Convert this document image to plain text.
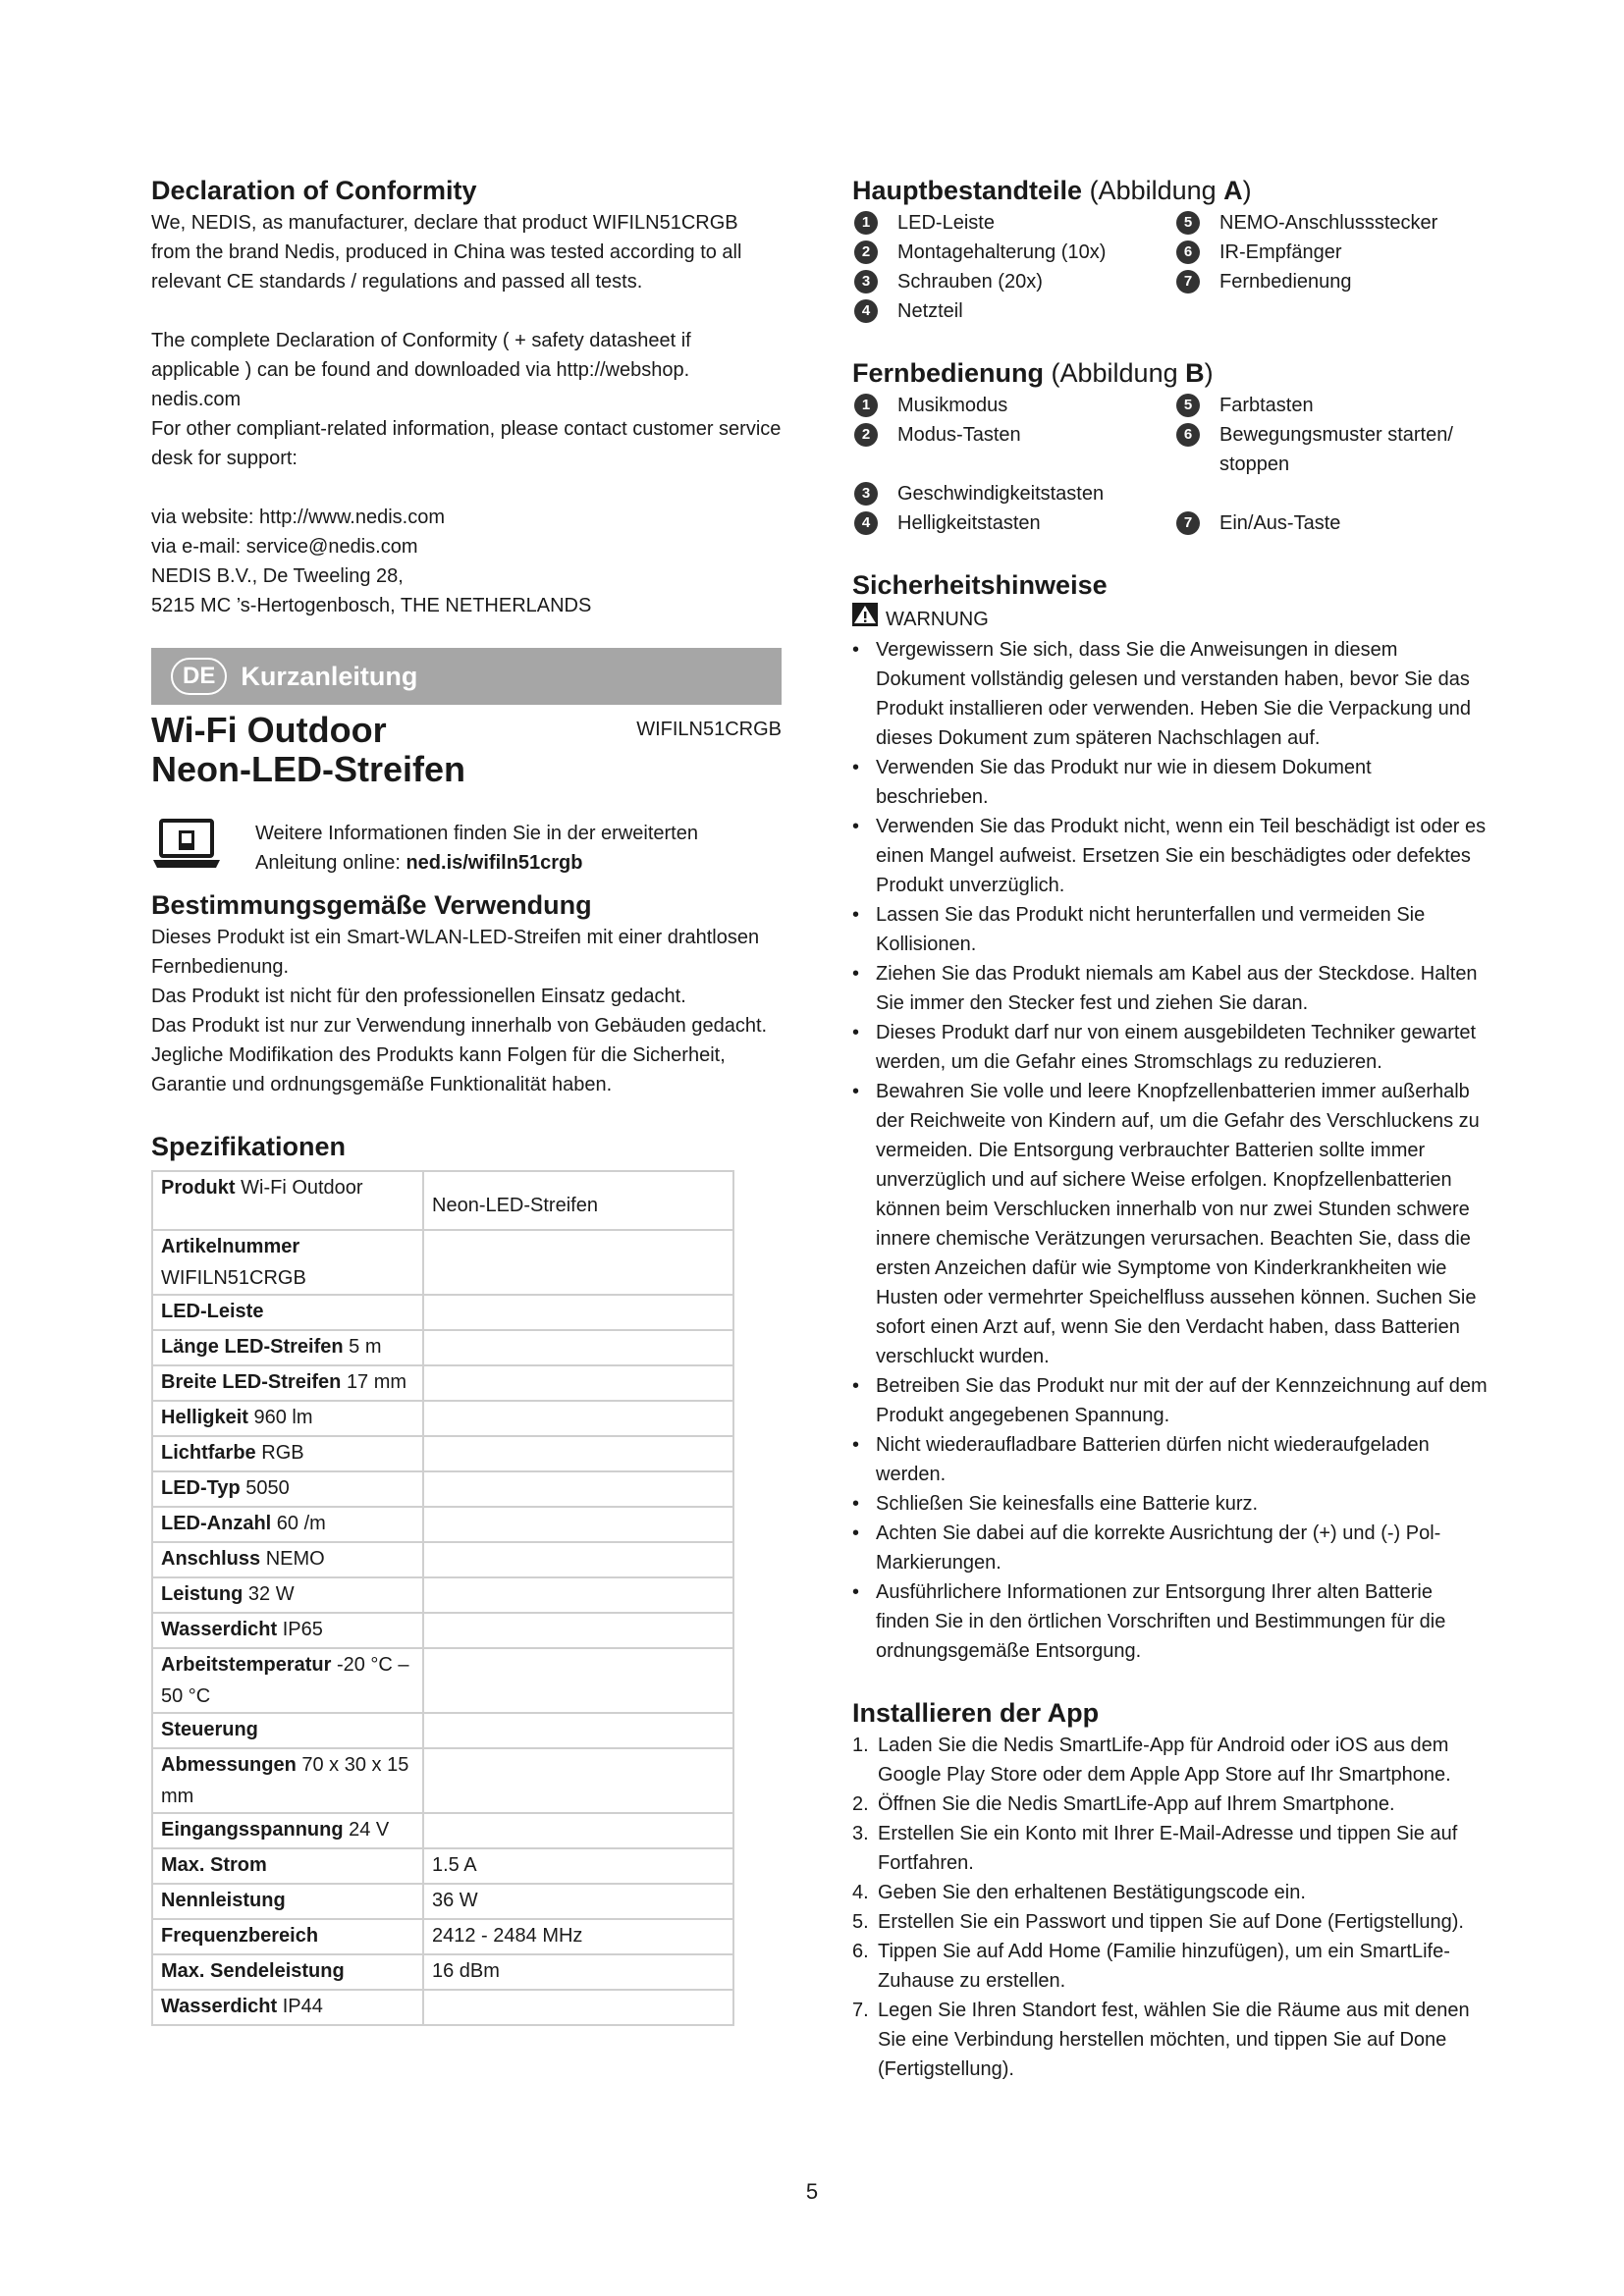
Declaration of Conformity

We, NEDIS, as manufacturer, declare that product WIFILN51CRGB from the brand Nedis, produced in China was tested according to all relevant CE standards / regulations and passed all tests.

The complete Declaration of Conformity ( + safety datasheet if applicable ) can be found and downloaded via http://webshop. nedis.com

For other compliant-related information, please contact customer service desk for support:

via website: http://www.nedis.com

via e-mail: service@nedis.com

NEDIS B.V., De Tweeling 28,

5215 MC ’s-Hertogenbosch, THE NETHERLANDS

DE Kurzanleitung
Wi-Fi Outdoor
Neon-LED-Streifen
WIFILN51CRGB
Weitere Informationen finden Sie in der erweiterten Anleitung online: ned.is/wifiln51crgb
Bestimmungsgemäße Verwendung

Dieses Produkt ist ein Smart-WLAN-LED-Streifen mit einer drahtlosen Fernbedienung.

Das Produkt ist nicht für den professionellen Einsatz gedacht.

Das Produkt ist nur zur Verwendung innerhalb von Gebäuden gedacht.

Jegliche Modifikation des Produkts kann Folgen für die Sicherheit, Garantie und ordnungsgemäße Funktionalität haben.

Spezifikationen
Produkt Wi-Fi Outdoor	Neon-LED-Streifen
Artikelnummer WIFILN51CRGB	
LED-Leiste	
Länge LED-Streifen 5 m	
Breite LED-Streifen 17 mm	
Helligkeit 960 lm	
Lichtfarbe RGB	
LED-Typ 5050	
LED-Anzahl 60 /m	
Anschluss NEMO	
Leistung 32 W	
Wasserdicht IP65	
Arbeitstemperatur -20 °C – 50 °C	
Steuerung	
Abmessungen 70 x 30 x 15 mm	
Eingangsspannung 24 V	
Max. Strom	1.5 A
Nennleistung	36 W
Frequenzbereich	2412 - 2484 MHz
Max. Sendeleistung	16 dBm
Wasserdicht IP44	
Hauptbestandteile (Abbildung A)
1	LED-Leiste	5	NEMO-Anschlussstecker
2	Montagehalterung (10x)	6	IR-Empfänger
3	Schrauben (20x)	7	Fernbedienung
4	Netzteil
Fernbedienung (Abbildung B)
1	Musikmodus	5	Farbtasten
2	Modus-Tasten	6	Bewegungsmuster starten/ stoppen
3	Geschwindigkeitstasten
4	Helligkeitstasten	7	Ein/Aus-Taste
Sicherheitshinweise
WARNUNG
• Vergewissern Sie sich, dass Sie die Anweisungen in diesem Dokument vollständig gelesen und verstanden haben, bevor Sie das Produkt installieren oder verwenden. Heben Sie die Verpackung und dieses Dokument zum späteren Nachschlagen auf.
• Verwenden Sie das Produkt nur wie in diesem Dokument beschrieben.
• Verwenden Sie das Produkt nicht, wenn ein Teil beschädigt ist oder es einen Mangel aufweist. Ersetzen Sie ein beschädigtes oder defektes Produkt unverzüglich.
• Lassen Sie das Produkt nicht herunterfallen und vermeiden Sie Kollisionen.
• Ziehen Sie das Produkt niemals am Kabel aus der Steckdose. Halten Sie immer den Stecker fest und ziehen Sie daran.
• Dieses Produkt darf nur von einem ausgebildeten Techniker gewartet werden, um die Gefahr eines Stromschlags zu reduzieren.
• Bewahren Sie volle und leere Knopfzellenbatterien immer außerhalb der Reichweite von Kindern auf, um die Gefahr des Verschluckens zu vermeiden. Die Entsorgung verbrauchter Batterien sollte immer unverzüglich und auf sichere Weise erfolgen. Knopfzellenbatterien können beim Verschlucken innerhalb von nur zwei Stunden schwere innere chemische Verätzungen verursachen. Beachten Sie, dass die ersten Anzeichen dafür wie Symptome von Kinderkrankheiten wie Husten oder vermehrter Speichelfluss aussehen können. Suchen Sie sofort einen Arzt auf, wenn Sie den Verdacht haben, dass Batterien verschluckt wurden.
• Betreiben Sie das Produkt nur mit der auf der Kennzeichnung auf dem Produkt angegebenen Spannung.
• Nicht wiederaufladbare Batterien dürfen nicht wiederaufgeladen werden.
• Schließen Sie keinesfalls eine Batterie kurz.
• Achten Sie dabei auf die korrekte Ausrichtung der (+) und (-) Pol-Markierungen.
• Ausführlichere Informationen zur Entsorgung Ihrer alten Batterie finden Sie in den örtlichen Vorschriften und Bestimmungen für die ordnungsgemäße Entsorgung.
Installieren der App
1. Laden Sie die Nedis SmartLife-App für Android oder iOS aus dem Google Play Store oder dem Apple App Store auf Ihr Smartphone.
2. Öffnen Sie die Nedis SmartLife-App auf Ihrem Smartphone.
3. Erstellen Sie ein Konto mit Ihrer E-Mail-Adresse und tippen Sie auf Fortfahren.
4. Geben Sie den erhaltenen Bestätigungscode ein.
5. Erstellen Sie ein Passwort und tippen Sie auf Done (Fertigstellung).
6. Tippen Sie auf Add Home (Familie hinzufügen), um ein SmartLife-Zuhause zu erstellen.
7. Legen Sie Ihren Standort fest, wählen Sie die Räume aus mit denen Sie eine Verbindung herstellen möchten, und tippen Sie auf Done (Fertigstellung).
5
